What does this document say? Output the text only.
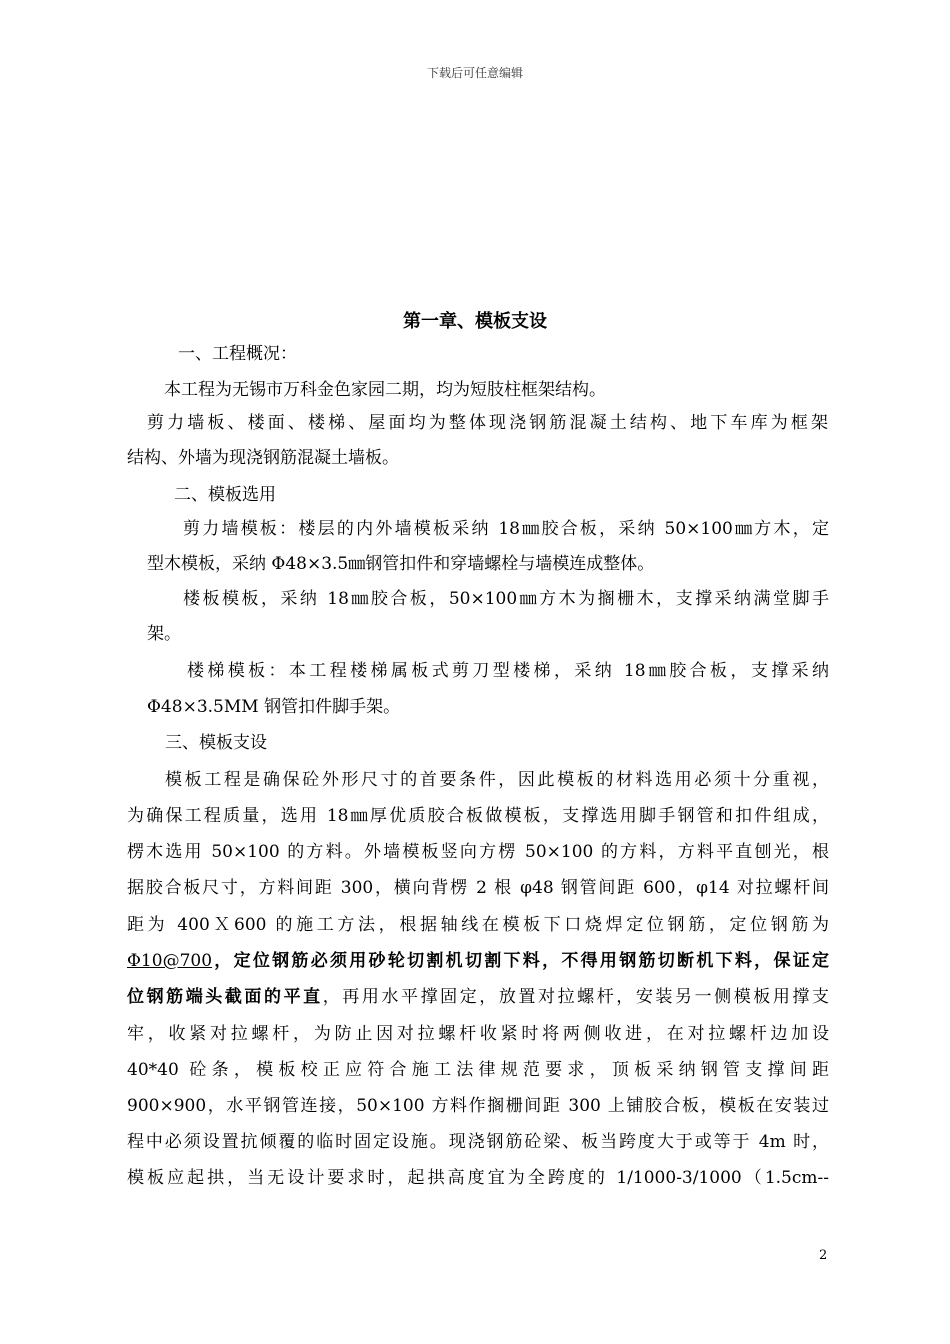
下载后可任意编辑
第一章、模板支设
一、工程概况：
本工程为无锡市万科金色家园二期，均为短肢柱框架结构。
剪力墙板、楼面、楼梯、屋面均为整体现浇钢筋混凝土结构、地下车库为框架
结构、外墙为现浇钢筋混凝土墙板。
二、模板选用
剪力墙模板：楼层的内外墙模板采纳 18㎜胶合板，采纳 50×100㎜方木，定
型木模板，采纳 Φ48×3.5㎜钢管扣件和穿墙螺栓与墙模连成整体。
楼板模板，采纳 18㎜胶合板，50×100㎜方木为搁栅木，支撑采纳满堂脚手
架。
楼梯模板：本工程楼梯属板式剪刀型楼梯，采纳 18㎜胶合板，支撑采纳
Φ48×3.5MM 钢管扣件脚手架。
三、模板支设
模板工程是确保砼外形尺寸的首要条件，因此模板的材料选用必须十分重视，
为确保工程质量，选用 18㎜厚优质胶合板做模板，支撑选用脚手钢管和扣件组成，
楞木选用 50×100 的方料。外墙模板竖向方楞 50×100 的方料，方料平直刨光，根
据胶合板尺寸，方料间距 300，横向背楞 2 根 φ48 钢管间距 600，φ14 对拉螺杆间
距为 400Ｘ600 的施工方法，根据轴线在模板下口烧焊定位钢筋，定位钢筋为
Φ10@700，定位钢筋必须用砂轮切割机切割下料，不得用钢筋切断机下料，保证定
位钢筋端头截面的平直，再用水平撑固定，放置对拉螺杆，安装另一侧模板用撑支
牢，收紧对拉螺杆，为防止因对拉螺杆收紧时将两侧收进，在对拉螺杆边加设
40*40 砼条，模板校正应符合施工法律规范要求，顶板采纳钢管支撑间距
900×900，水平钢管连接，50×100 方料作搁栅间距 300 上铺胶合板，模板在安装过
程中必须设置抗倾覆的临时固定设施。现浇钢筋砼梁、板当跨度大于或等于 4m 时，
模板应起拱，当无设计要求时，起拱高度宜为全跨度的 1/1000-3/1000（1.5cm--
2
